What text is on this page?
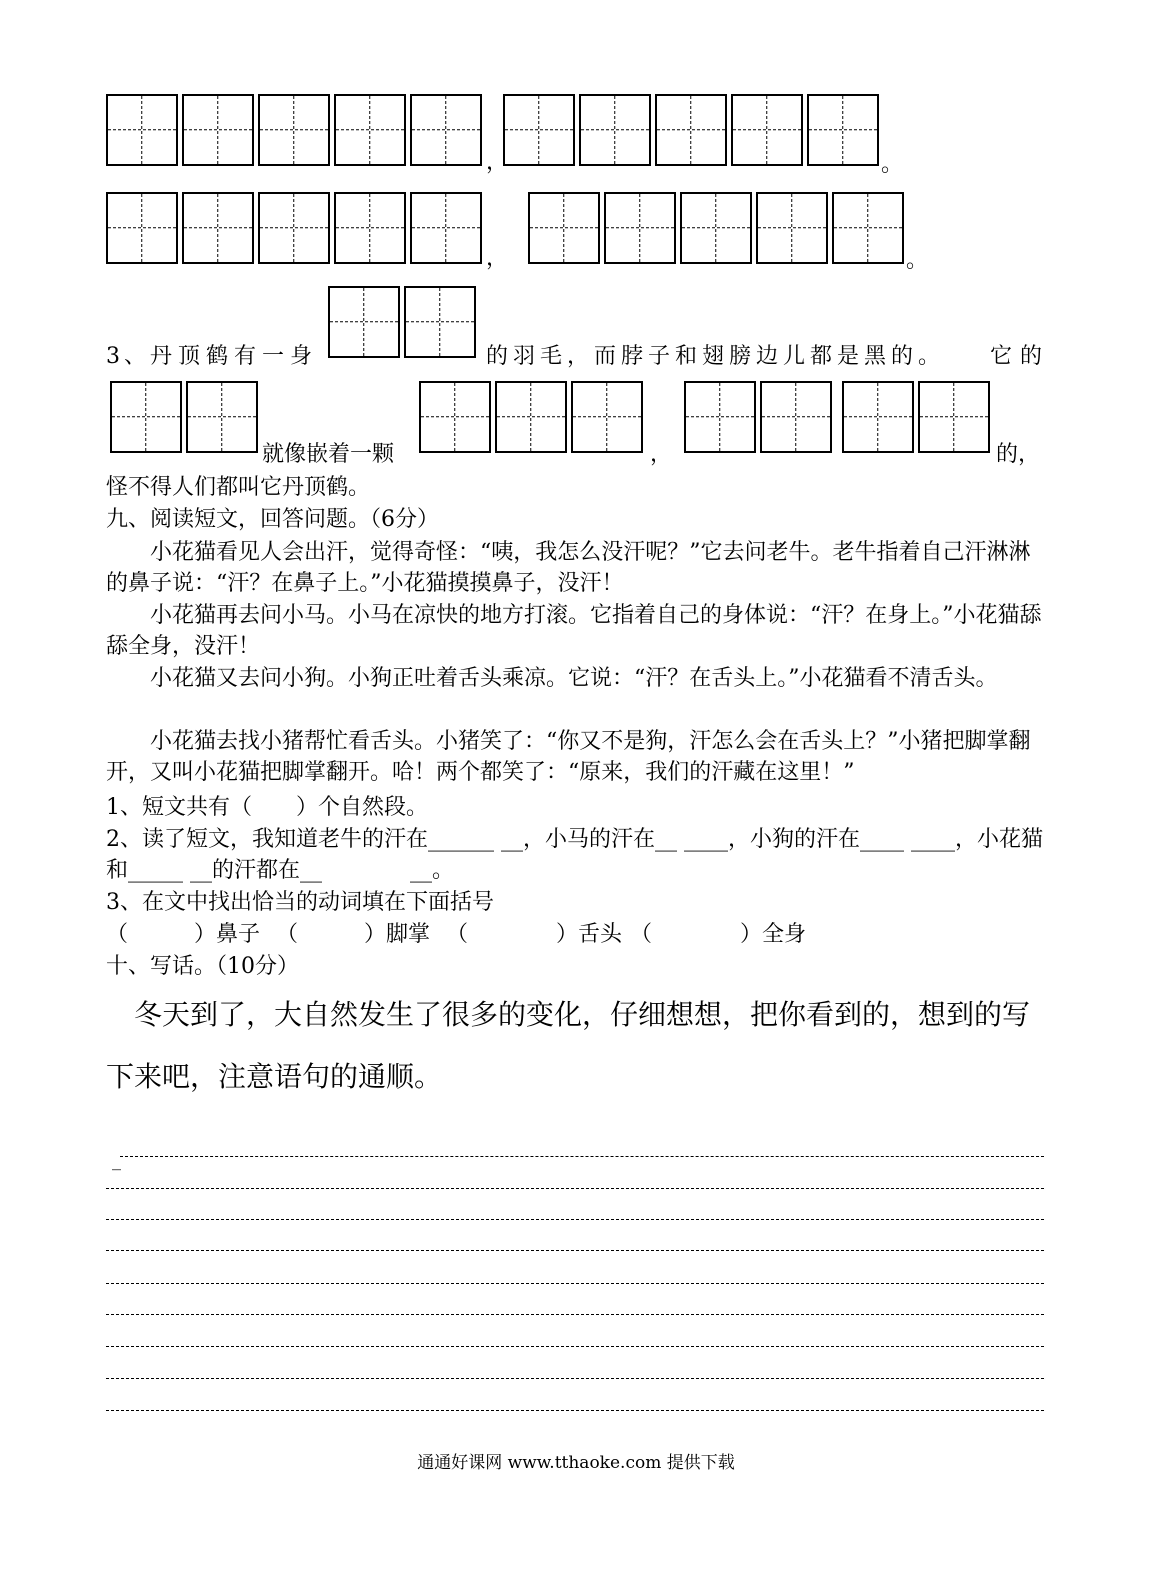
，	。
，	。
3、 丹顶鹤有一身	的羽毛，而脖子和翅膀边儿都是黑的。 它的
就像嵌着一颗	，	的，
怪不得人们都叫它丹顶鹤。
九、阅读短文，回答问题。（6分）
小花猫看见人会出汗，觉得奇怪：“咦，我怎么没汗呢？”它去问老牛。老牛指着自己汗淋淋的鼻子说：“汗？在鼻子上。”小花猫摸摸鼻子，没汗！
小花猫再去问小马。小马在凉快的地方打滚。它指着自己的身体说：“汗？在身上。”小花猫舔舔全身，没汗！
小花猫又去问小狗。小狗正吐着舌头乘凉。它说：“汗？在舌头上。”小花猫看不清舌头。
小花猫去找小猪帮忙看舌头。小猪笑了：“你又不是狗，汗怎么会在舌头上？”小猪把脚掌翻开，又叫小花猫把脚掌翻开。哈！两个都笑了：“原来，我们的汗藏在这里！”
1、短文共有（　　）个自然段。
2、读了短文，我知道老牛的汗在______ __，小马的汗在__ ____，小狗的汗在____ ____，小花猫和_____ __的汗都在__　　　　__。
3、在文中找出恰当的动词填在下面括号
（　　　）鼻子 （　　　）脚掌 （　　　　）舌头 （　　　　）全身
十、写话。（10分）
冬天到了，大自然发生了很多的变化，仔细想想，把你看到的，想到的写下来吧，注意语句的通顺。
_
通通好课网 www.tthaoke.com 提供下载
